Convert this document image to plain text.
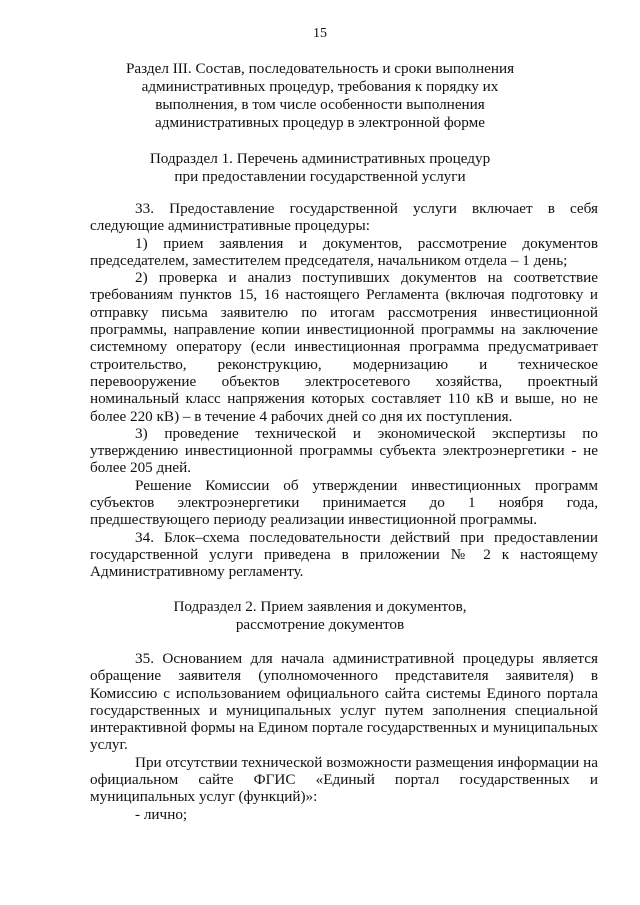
15
Раздел III. Состав, последовательность и сроки выполнения
административных процедур, требования к порядку их
выполнения, в том числе особенности выполнения
административных процедур в электронной форме
Подраздел 1. Перечень административных процедур
при предоставлении государственной услуги

33. Предоставление государственной услуги включает в себя следующие административные процедуры:

1) прием заявления и документов, рассмотрение документов председателем, заместителем председателя, начальником отдела – 1 день;

2) проверка и анализ поступивших документов на соответствие требованиям пунктов 15, 16 настоящего Регламента (включая подготовку и отправку письма заявителю по итогам рассмотрения инвестиционной программы, направление копии инвестиционной программы на заключение системному оператору (если инвестиционная программа предусматривает строительство, реконструкцию, модернизацию и техническое перевооружение объектов электросетевого хозяйства, проектный номинальный класс напряжения которых составляет 110 кВ и выше, но не более 220 кВ) – в течение 4 рабочих дней со дня их поступления.

3) проведение технической и экономической экспертизы по утверждению инвестиционной программы субъекта электроэнергетики - не более 205 дней.

Решение Комиссии об утверждении инвестиционных программ субъектов электроэнергетики принимается до 1 ноября года, предшествующего периоду реализации инвестиционной программы.

34. Блок–схема последовательности действий при предоставлении государственной услуги приведена в приложении № 2 к настоящему Административному регламенту.

Подраздел 2. Прием заявления и документов,
рассмотрение документов

35. Основанием для начала административной процедуры является обращение заявителя (уполномоченного представителя заявителя) в Комиссию с использованием официального сайта системы Единого портала государственных и муниципальных услуг путем заполнения специальной интерактивной формы на Едином портале государственных и муниципальных услуг.

При отсутствии технической возможности размещения информации на официальном сайте ФГИС «Единый портал государственных и муниципальных услуг (функций)»:

- лично;
